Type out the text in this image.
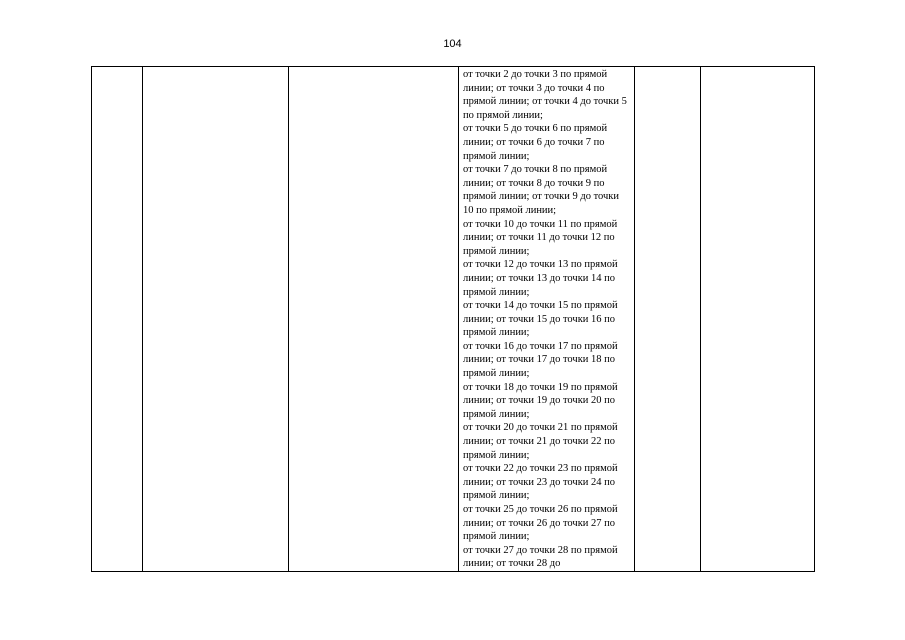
104

от точки 2 до точки 3 по прямой линии; от точки 3 до точки 4 по прямой линии; от точки 4 до точки 5 по прямой линии;
от точки 5 до точки 6 по прямой линии; от точки 6 до точки 7 по прямой линии;
от точки 7 до точки 8 по прямой линии; от точки 8 до точки 9 по прямой линии; от точки 9 до точки 10 по прямой линии;
от точки 10 до точки 11 по прямой линии; от точки 11 до точки 12 по прямой линии;
от точки 12 до точки 13 по прямой линии; от точки 13 до точки 14 по прямой линии;
от точки 14 до точки 15 по прямой линии; от точки 15 до точки 16 по прямой линии;
от точки 16 до точки 17 по прямой линии; от точки 17 до точки 18 по прямой линии;
от точки 18 до точки 19 по прямой линии; от точки 19 до точки 20 по прямой линии;
от точки 20 до точки 21 по прямой линии; от точки 21 до точки 22 по прямой линии;
от точки 22 до точки 23 по прямой линии; от точки 23 до точки 24 по прямой линии;
от точки 25 до точки 26 по прямой линии; от точки 26 до точки 27 по прямой линии;
от точки 27 до точки 28 по прямой линии; от точки 28 до
